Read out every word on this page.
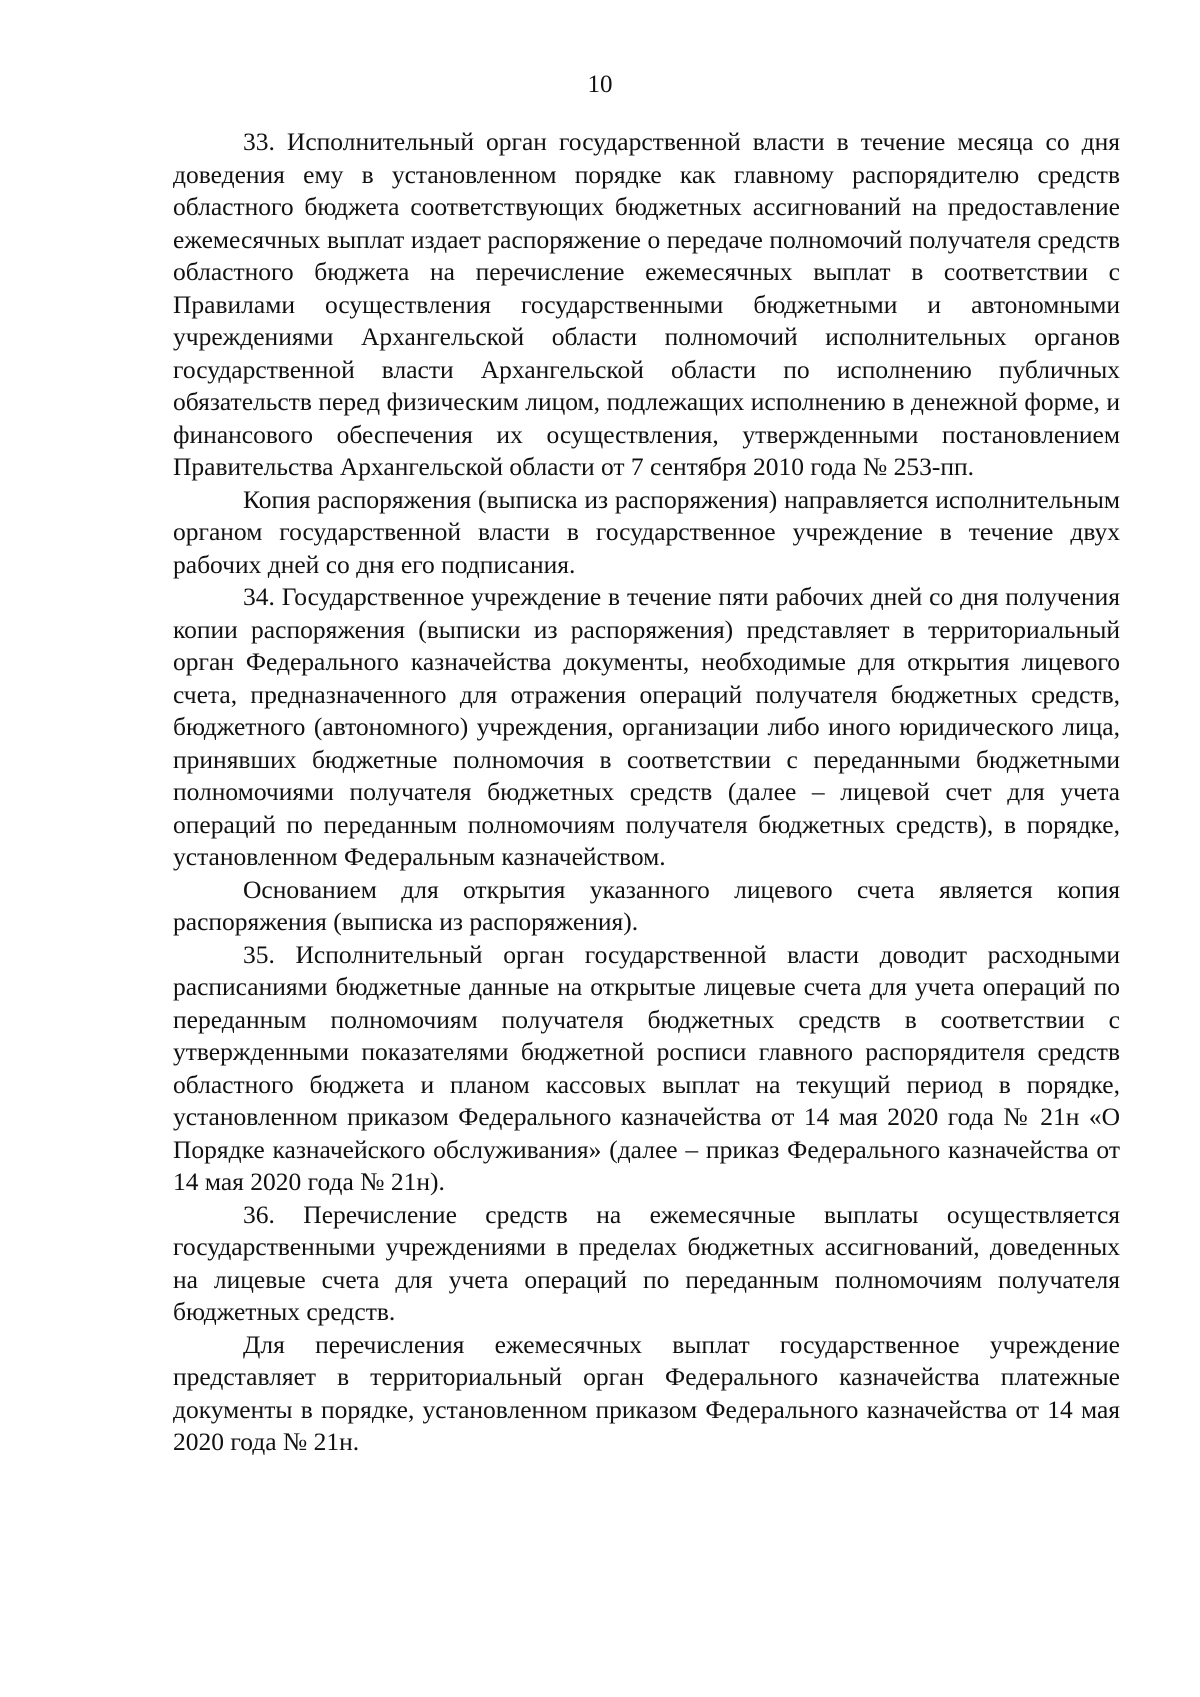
10

33. Исполнительный орган государственной власти в течение месяца со дня доведения ему в установленном порядке как главному распорядителю средств областного бюджета соответствующих бюджетных ассигнований на предоставление ежемесячных выплат издает распоряжение о передаче полномочий получателя средств областного бюджета на перечисление ежемесячных выплат в соответствии с Правилами осуществления государственными бюджетными и автономными учреждениями Архангельской области полномочий исполнительных органов государственной власти Архангельской области по исполнению публичных обязательств перед физическим лицом, подлежащих исполнению в денежной форме, и финансового обеспечения их осуществления, утвержденными постановлением Правительства Архангельской области от 7 сентября 2010 года № 253-пп.

Копия распоряжения (выписка из распоряжения) направляется исполнительным органом государственной власти в государственное учреждение в течение двух рабочих дней со дня его подписания.

34. Государственное учреждение в течение пяти рабочих дней со дня получения копии распоряжения (выписки из распоряжения) представляет в территориальный орган Федерального казначейства документы, необходимые для открытия лицевого счета, предназначенного для отражения операций получателя бюджетных средств, бюджетного (автономного) учреждения, организации либо иного юридического лица, принявших бюджетные полномочия в соответствии с переданными бюджетными полномочиями получателя бюджетных средств (далее – лицевой счет для учета операций по переданным полномочиям получателя бюджетных средств), в порядке, установленном Федеральным казначейством.

Основанием для открытия указанного лицевого счета является копия распоряжения (выписка из распоряжения).

35. Исполнительный орган государственной власти доводит расходными расписаниями бюджетные данные на открытые лицевые счета для учета операций по переданным полномочиям получателя бюджетных средств в соответствии с утвержденными показателями бюджетной росписи главного распорядителя средств областного бюджета и планом кассовых выплат на текущий период в порядке, установленном приказом Федерального казначейства от 14 мая 2020 года № 21н «О Порядке казначейского обслуживания» (далее – приказ Федерального казначейства от 14 мая 2020 года № 21н).

36. Перечисление средств на ежемесячные выплаты осуществляется государственными учреждениями в пределах бюджетных ассигнований, доведенных на лицевые счета для учета операций по переданным полномочиям получателя бюджетных средств.

Для перечисления ежемесячных выплат государственное учреждение представляет в территориальный орган Федерального казначейства платежные документы в порядке, установленном приказом Федерального казначейства от 14 мая 2020 года № 21н.
